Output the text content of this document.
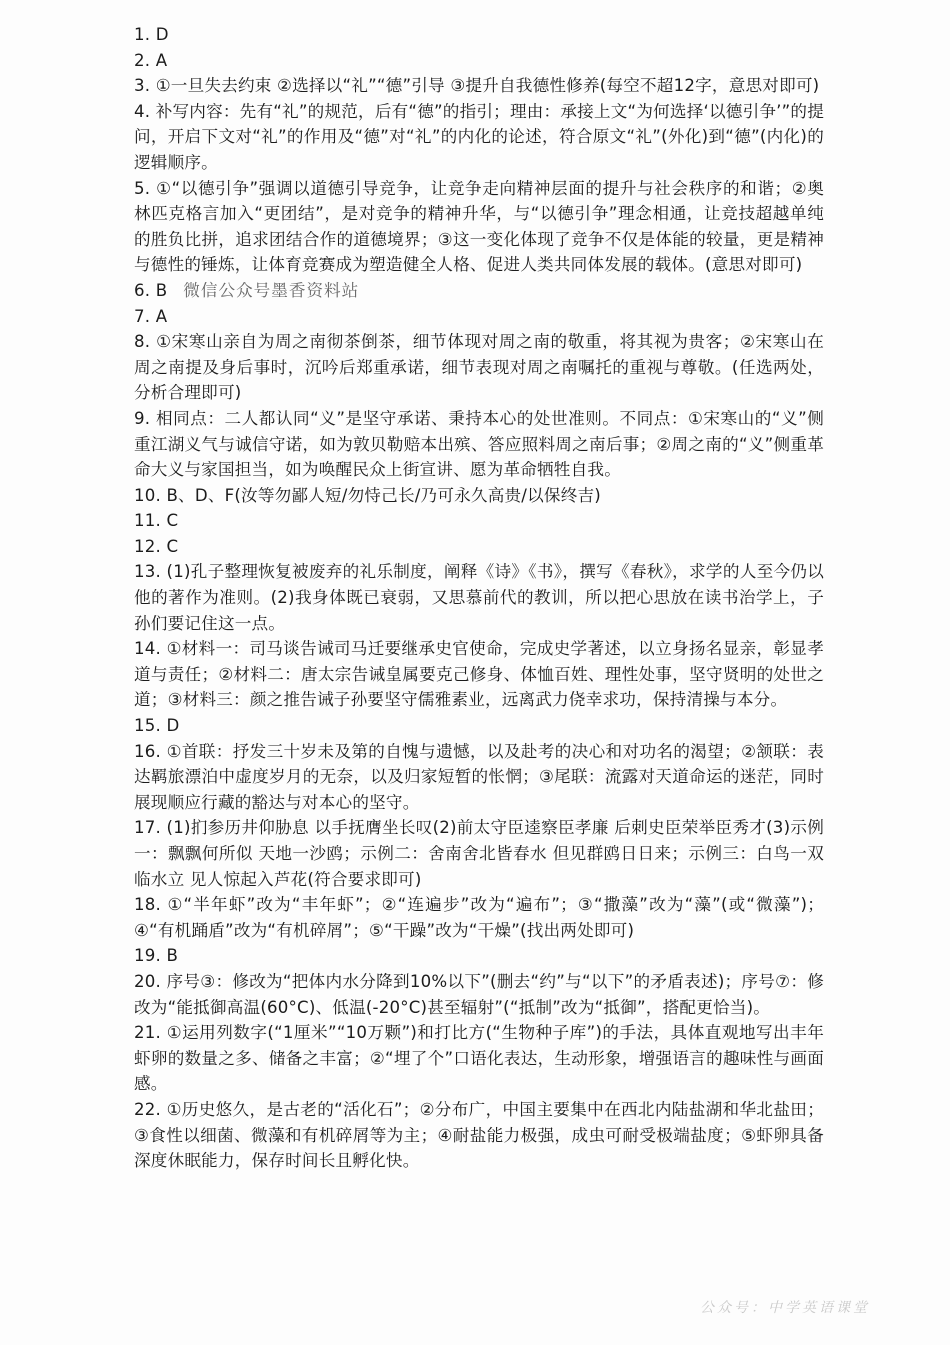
1. D

2. A

3. ①一旦失去约束 ②选择以“礼”“德”引导 ③提升自我德性修养(每空不超12字，意思对即可)

4. 补写内容：先有“礼”的规范，后有“德”的指引；理由：承接上文“为何选择‘以德引争’”的提问，开启下文对“礼”的作用及“德”对“礼”的内化的论述，符合原文“礼”(外化)到“德”(内化)的逻辑顺序。

5. ①“以德引争”强调以道德引导竞争，让竞争走向精神层面的提升与社会秩序的和谐；②奥林匹克格言加入“更团结”，是对竞争的精神升华，与“以德引争”理念相通，让竞技超越单纯的胜负比拼，追求团结合作的道德境界；③这一变化体现了竞争不仅是体能的较量，更是精神与德性的锤炼，让体育竞赛成为塑造健全人格、促进人类共同体发展的载体。(意思对即可)

6. B 微信公众号墨香资料站

7. A

8. ①宋寒山亲自为周之南彻茶倒茶，细节体现对周之南的敬重，将其视为贵客；②宋寒山在周之南提及身后事时，沉吟后郑重承诺，细节表现对周之南嘱托的重视与尊敬。(任选两处，分析合理即可)

9. 相同点：二人都认同“义”是坚守承诺、秉持本心的处世准则。不同点：①宋寒山的“义”侧重江湖义气与诚信守诺，如为敦贝勒赔本出殡、答应照料周之南后事；②周之南的“义”侧重革命大义与家国担当，如为唤醒民众上街宣讲、愿为革命牺牲自我。

10. B、D、F(汝等勿鄙人短/勿恃己长/乃可永久高贵/以保终吉)

11. C

12. C

13. (1)孔子整理恢复被废弃的礼乐制度，阐释《诗》《书》，撰写《春秋》，求学的人至今仍以他的著作为准则。(2)我身体既已衰弱，又思慕前代的教训，所以把心思放在读书治学上，子孙们要记住这一点。

14. ①材料一：司马谈告诫司马迁要继承史官使命，完成史学著述，以立身扬名显亲，彰显孝道与责任；②材料二：唐太宗告诫皇属要克己修身、体恤百姓、理性处事，坚守贤明的处世之道；③材料三：颜之推告诫子孙要坚守儒雅素业，远离武力侥幸求功，保持清操与本分。

15. D

16. ①首联：抒发三十岁未及第的自愧与遗憾，以及赴考的决心和对功名的渴望；②颔联：表达羁旅漂泊中虚度岁月的无奈，以及归家短暂的怅惘；③尾联：流露对天道命运的迷茫，同时展现顺应行藏的豁达与对本心的坚守。

17. (1)扪参历井仰胁息 以手抚膺坐长叹(2)前太守臣逵察臣孝廉 后刺史臣荣举臣秀才(3)示例一：飘飘何所似 天地一沙鸥；示例二：舍南舍北皆春水 但见群鸥日日来；示例三：白鸟一双临水立 见人惊起入芦花(符合要求即可)

18. ①“半年虾”改为“丰年虾”；②“连遍步”改为“遍布”；③“撒藻”改为“藻”(或“微藻”)；④“有机踊盾”改为“有机碎屑”；⑤“干躁”改为“干燥”(找出两处即可)

19. B

20. 序号③：修改为“把体内水分降到10%以下”(删去“约”与“以下”的矛盾表述)；序号⑦：修改为“能抵御高温(60°C)、低温(-20°C)甚至辐射”(“抵制”改为“抵御”，搭配更恰当)。

21. ①运用列数字(“1厘米”“10万颗”)和打比方(“生物种子库”)的手法，具体直观地写出丰年虾卵的数量之多、储备之丰富；②“埋了个”口语化表达，生动形象，增强语言的趣味性与画面感。

22. ①历史悠久，是古老的“活化石”；②分布广，中国主要集中在西北内陆盐湖和华北盐田；③食性以细菌、微藻和有机碎屑等为主；④耐盐能力极强，成虫可耐受极端盐度；⑤虾卵具备深度休眠能力，保存时间长且孵化快。

公众号：中学英语课堂
